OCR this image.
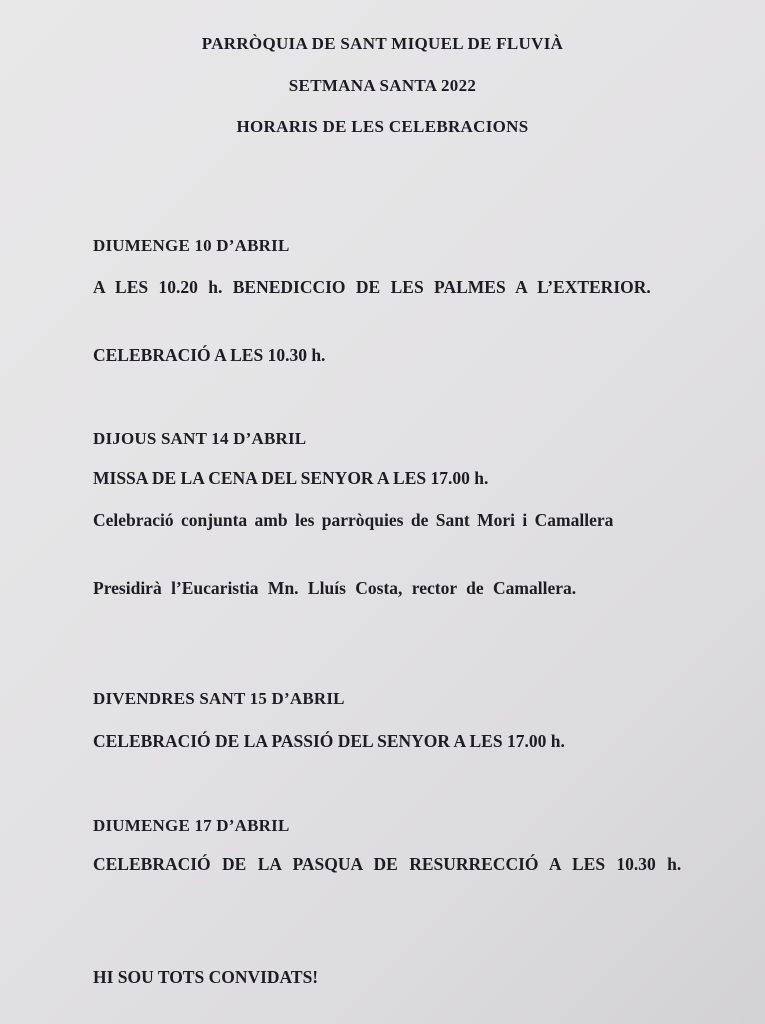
PARRÒQUIA DE SANT MIQUEL DE FLUVIÀ
SETMANA SANTA 2022
HORARIS DE LES CELEBRACIONS
DIUMENGE 10 D’ABRIL
A LES 10.20 h. BENEDICCIO DE LES PALMES A L’EXTERIOR.
CELEBRACIÓ A LES 10.30 h.
DIJOUS SANT 14 D’ABRIL
MISSA DE LA CENA DEL SENYOR A LES 17.00 h.
Celebració conjunta amb les parròquies de Sant Mori i Camallera
Presidirà l’Eucaristia Mn. Lluís Costa, rector de Camallera.
DIVENDRES SANT 15 D’ABRIL
CELEBRACIÓ DE LA PASSIÓ DEL SENYOR A LES 17.00 h.
DIUMENGE 17 D’ABRIL
CELEBRACIÓ DE LA PASQUA DE RESURRECCIÓ A LES 10.30 h.
HI SOU TOTS CONVIDATS!
